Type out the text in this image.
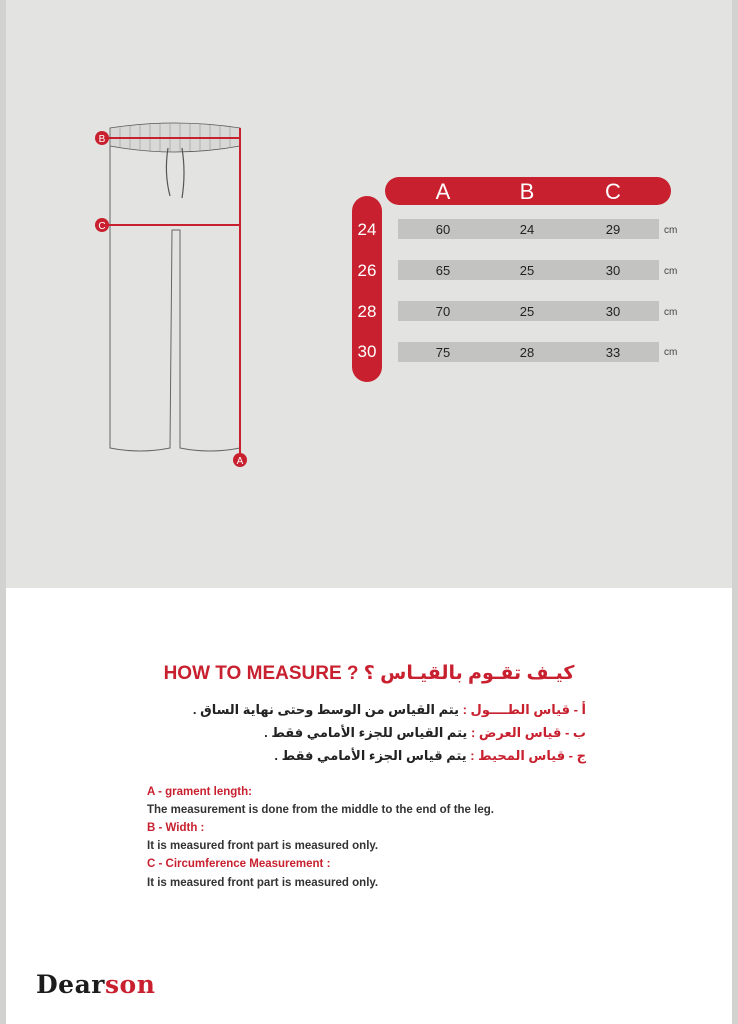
B
C
A
A	B	C
24	60	24	29	cm
26	65	25	30	cm
28	70	25	30	cm
30	75	28	33	cm
HOW TO MEASURE ? كيـف تقـوم بالقيـاس ؟
أ - قياس الطــــول : يتم القياس من الوسط وحتى نهاية الساق .
ب - قياس العرض : يتم القياس للجزء الأمامي فقط .
ج - قياس المحيط : يتم قياس الجزء الأمامي فقط .
A - grament length:
The measurement is done from the middle to the end of the leg.
B - Width :
It is measured front part is measured only.
C - Circumference Measurement :
It is measured front part is measured only.
Dearson
